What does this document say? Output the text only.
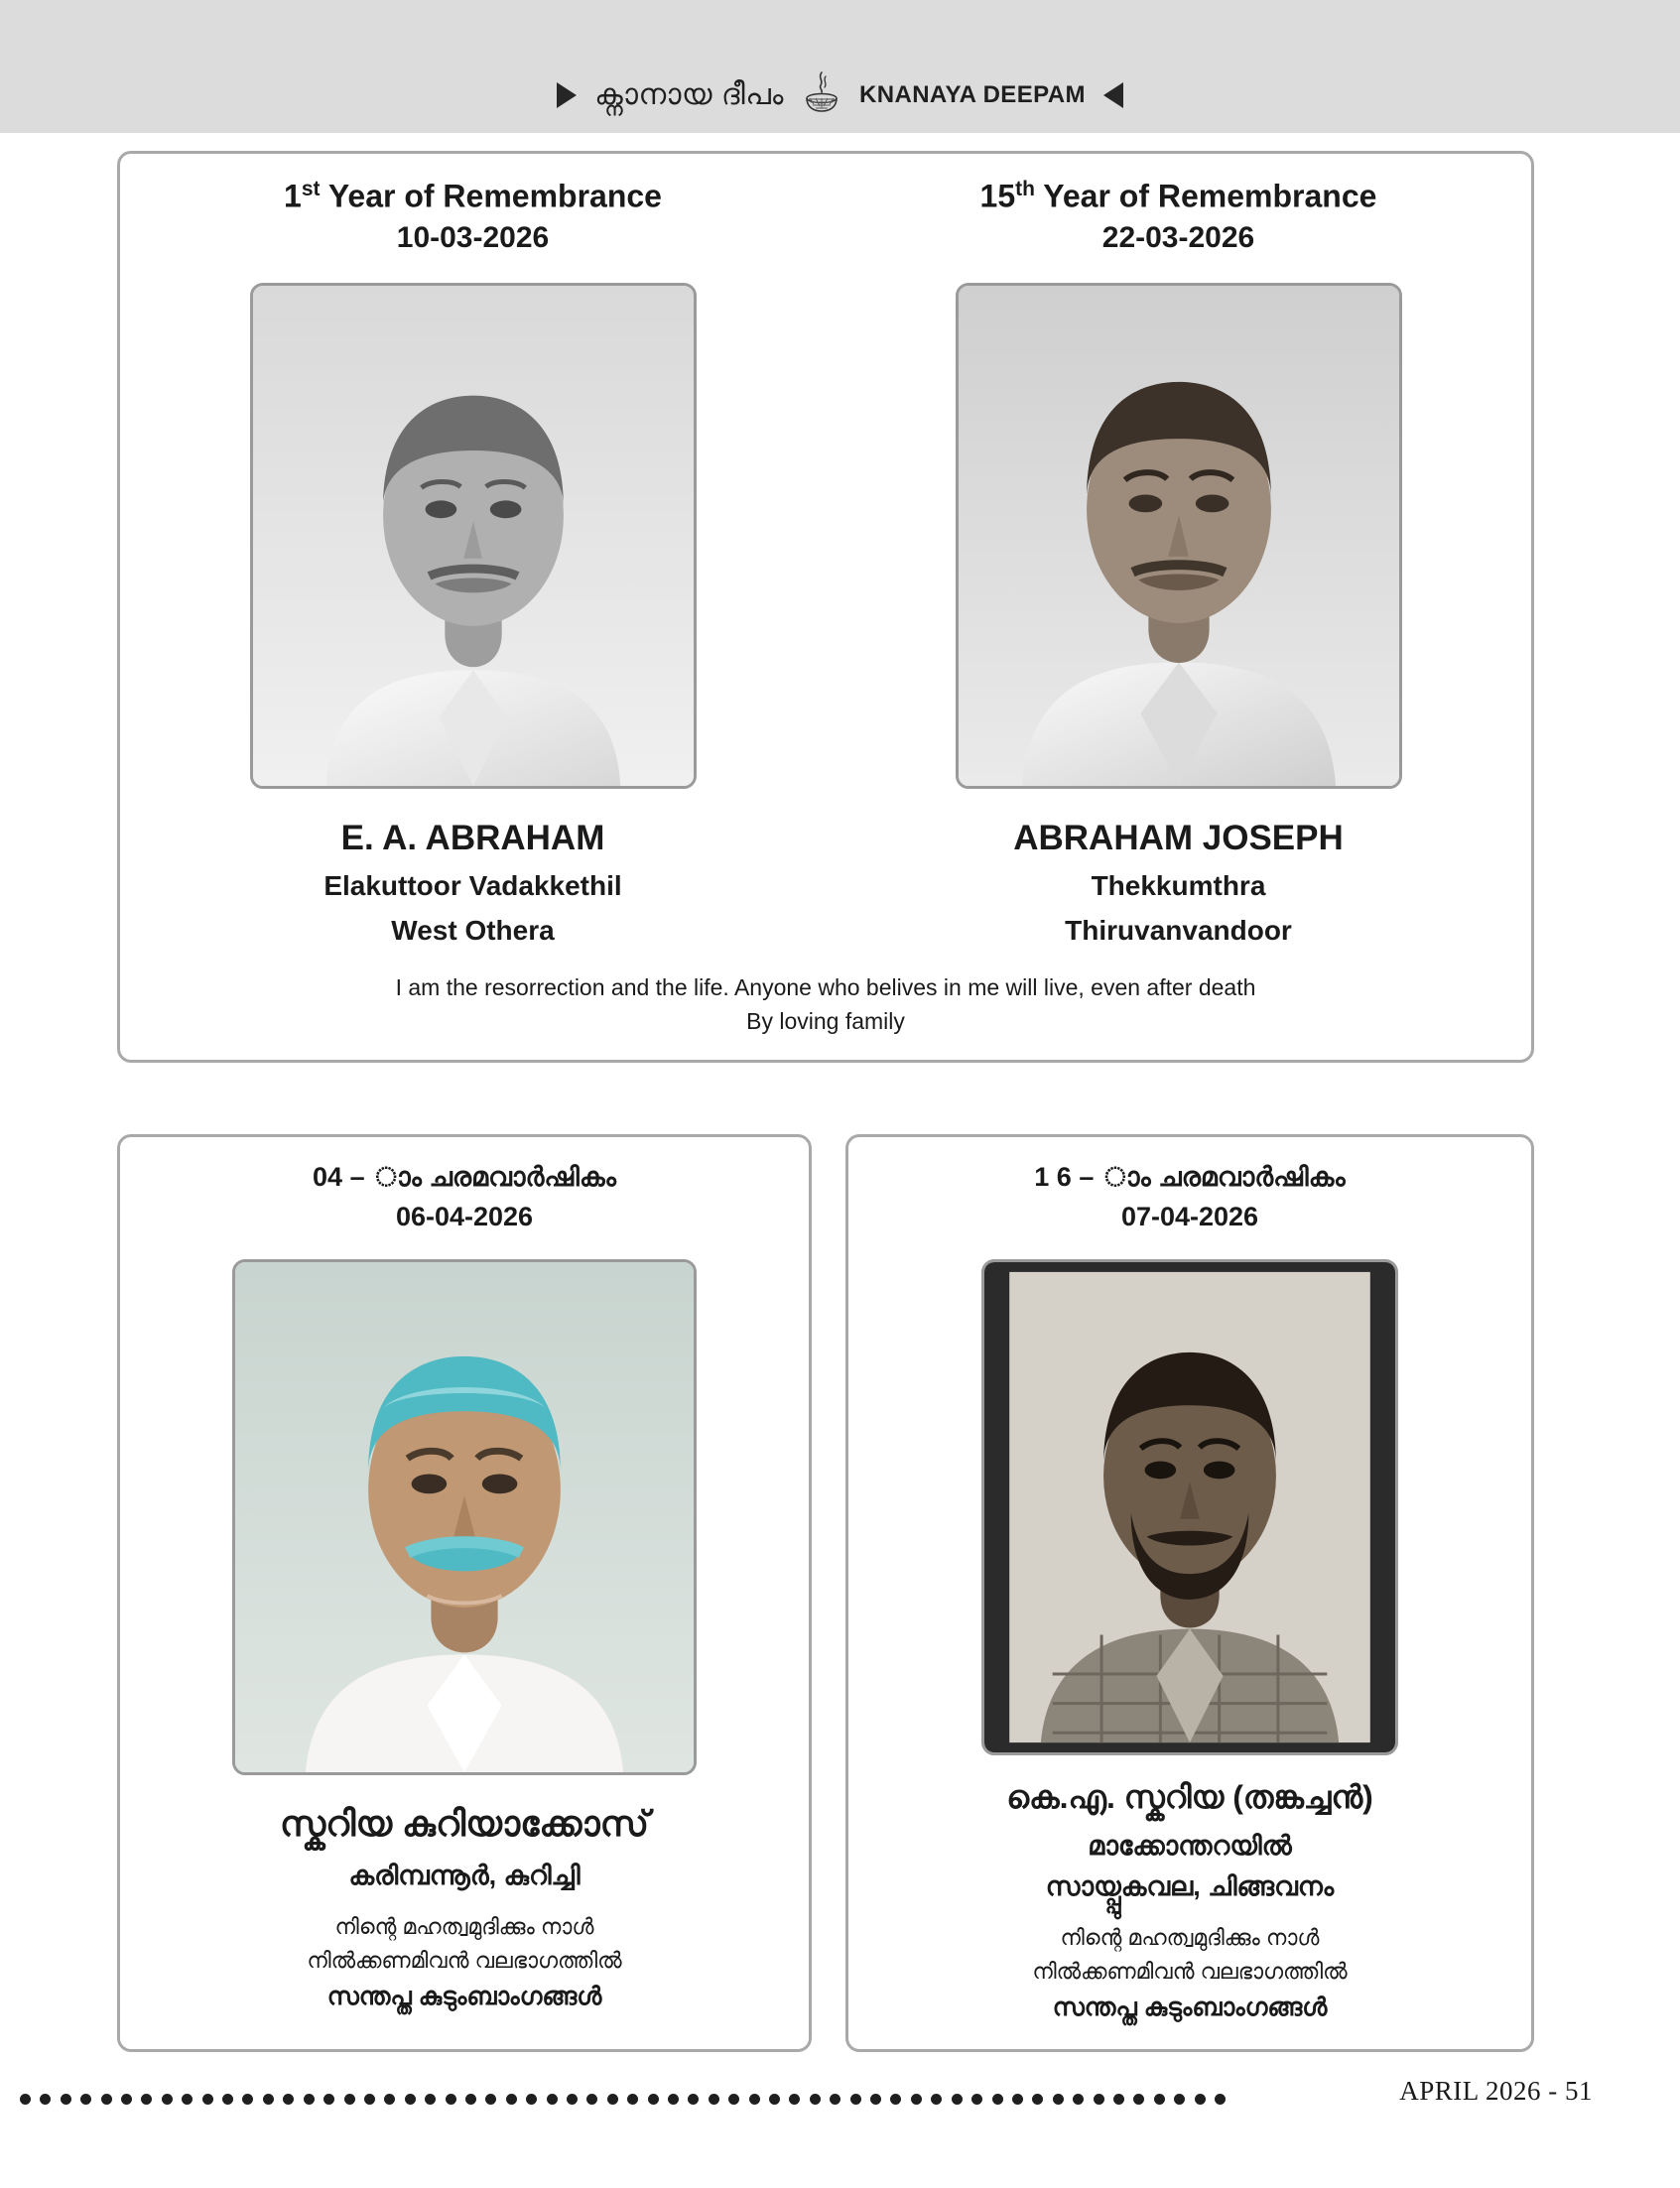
ക്നാനായ ദീപം	KNANAYA DEEPAM
1st Year of Remembrance
10-03-2026
E. A. ABRAHAM
Elakuttoor Vadakkethil
West Othera
15th Year of Remembrance
22-03-2026
ABRAHAM JOSEPH
Thekkumthra
Thiruvanvandoor
I am the resorrection and the life. Anyone who belives in me will live, even after death
By loving family
04 – ാം ചരമവാർഷികം
06-04-2026
സ്കറിയ കുറിയാക്കോസ്
കരിമ്പന്നൂർ, കുറിച്ചി
നിന്റെ മഹത്വമുദിക്കും നാൾ
നിൽക്കണമിവൻ വലഭാഗത്തിൽ
സന്തപ്ത കുടുംബാംഗങ്ങൾ
1 6 – ാം ചരമവാർഷികം
07-04-2026
കെ.എ. സ്കറിയ (തങ്കച്ചൻ)
മാക്കോന്തറയിൽ
സായ്പ്പുകവല, ചിങ്ങവനം
നിന്റെ മഹത്വമുദിക്കും നാൾ
നിൽക്കണമിവൻ വലഭാഗത്തിൽ
സന്തപ്ത കുടുംബാംഗങ്ങൾ
APRIL 2026 - 51
